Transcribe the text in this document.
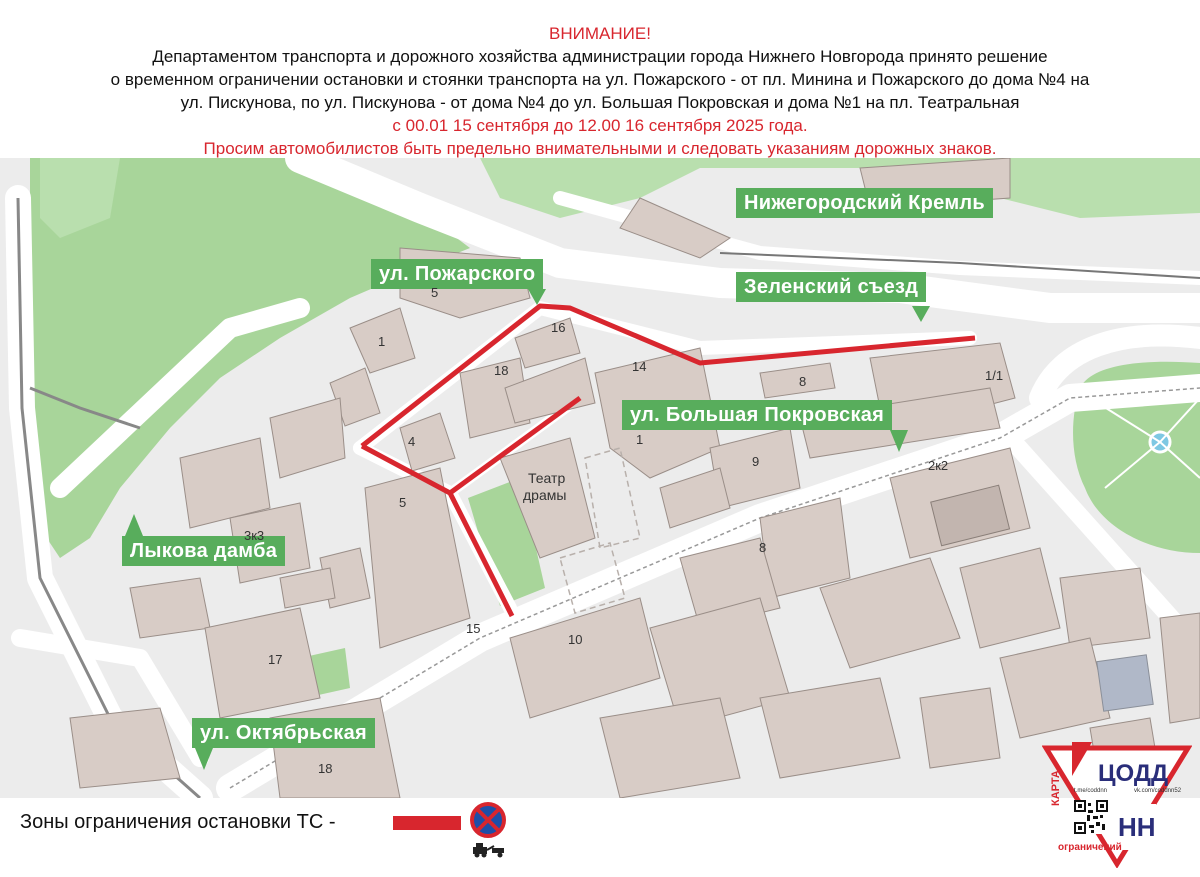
ВНИМАНИЕ!
Департаментом транспорта и дорожного хозяйства администрации города Нижнего Новгорода принято решение
о временном ограничении остановки и стоянки транспорта на ул. Пожарского - от пл. Минина и Пожарского до дома №4 на
ул. Пискунова, по ул. Пискунова - от дома №4 до ул. Большая Покровская и дома №1 на пл. Театральная
с 00.01 15 сентября до 12.00 16 сентября 2025 года.
Просим автомобилистов быть предельно внимательными и следовать указаниям дорожных знаков.
Нижегородский Кремль
Зеленский съезд
ул. Пожарского
ул. Большая Покровская
Лыкова дамба
ул. Октябрьская
Театр
драмы
5
1
16
18
4
14
1
8	1/1
9	2к2
5
3к3
8
15
10
17
18
Зоны ограничения остановки ТС -
ЦОДД
НН
КАРТА
ограничений
t.me/coddnn	vk.com/coddnn52
